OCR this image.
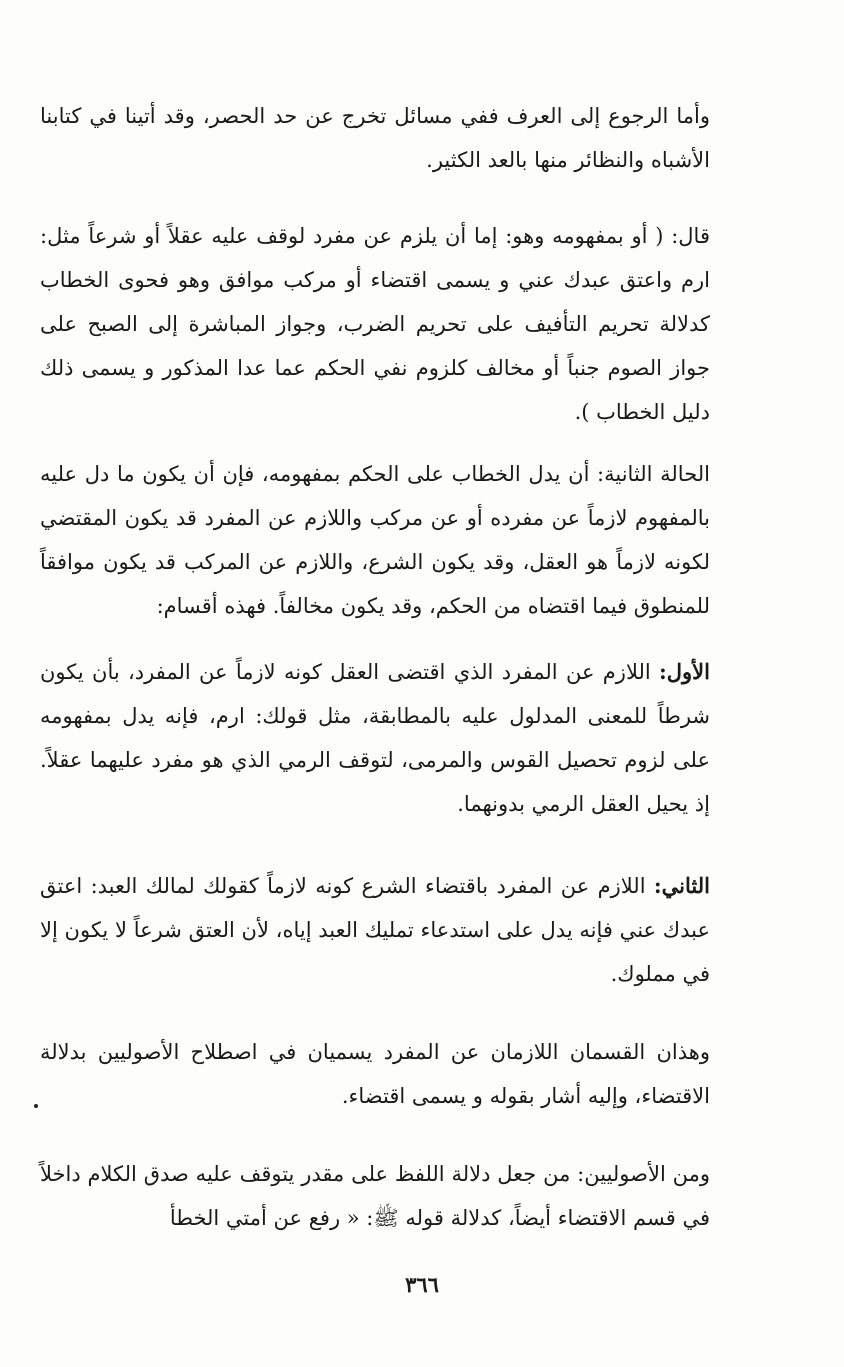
وأما الرجوع إلى العرف ففي مسائل تخرج عن حد الحصر، وقد أتينا في كتابنا الأشباه والنظائر منها بالعد الكثير.

قال: ( أو بمفهومه وهو: إما أن يلزم عن مفرد لوقف عليه عقلاً أو شرعاً مثل: ارم واعتق عبدك عني و يسمى اقتضاء أو مركب موافق وهو فحوى الخطاب كدلالة تحريم التأفيف على تحريم الضرب، وجواز المباشرة إلى الصبح على جواز الصوم جنباً أو مخالف كلزوم نفي الحكم عما عدا المذكور و يسمى ذلك دليل الخطاب ).

الحالة الثانية: أن يدل الخطاب على الحكم بمفهومه، فإن أن يكون ما دل عليه بالمفهوم لازماً عن مفرده أو عن مركب واللازم عن المفرد قد يكون المقتضي لكونه لازماً هو العقل، وقد يكون الشرع، واللازم عن المركب قد يكون موافقاً للمنطوق فيما اقتضاه من الحكم، وقد يكون مخالفاً. فهذه أقسام:

الأول: اللازم عن المفرد الذي اقتضى العقل كونه لازماً عن المفرد، بأن يكون شرطاً للمعنى المدلول عليه بالمطابقة، مثل قولك: ارم، فإنه يدل بمفهومه على لزوم تحصيل القوس والمرمى، لتوقف الرمي الذي هو مفرد عليهما عقلاً. إذ يحيل العقل الرمي بدونهما.

الثاني: اللازم عن المفرد باقتضاء الشرع كونه لازماً كقولك لمالك العبد: اعتق عبدك عني فإنه يدل على استدعاء تمليك العبد إياه، لأن العتق شرعاً لا يكون إلا في مملوك.

وهذان القسمان اللازمان عن المفرد يسميان في اصطلاح الأصوليين بدلالة الاقتضاء، وإليه أشار بقوله و يسمى اقتضاء.

ومن الأصوليين: من جعل دلالة اللفظ على مقدر يتوقف عليه صدق الكلام داخلاً في قسم الاقتضاء أيضاً، كدلالة قوله ﷺ: « رفع عن أمتي الخطأ

٣٦٦
